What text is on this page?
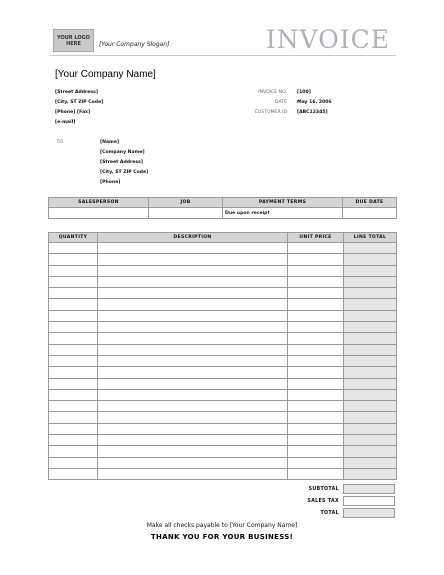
YOUR LOGO
HERE	[Your Company Slogan]	INVOICE
[Your Company Name]
[Street Address]
[City, ST ZIP Code]
[Phone] [Fax]
[e-mail]
INVOICE NO. [100]
DATE May 16, 2006
CUSTOMER ID [ABC12345]
TO	[Name]
[Company Name]
[Street Address]
[City, ST ZIP Code]
[Phone]
SALESPERSON	JOB	PAYMENT TERMS	DUE DATE
		Due upon receipt	
QUANTITY	DESCRIPTION	UNIT PRICE	LINE TOTAL

SUBTOTAL
SALES TAX
TOTAL
Make all checks payable to [Your Company Name]
THANK YOU FOR YOUR BUSINESS!
